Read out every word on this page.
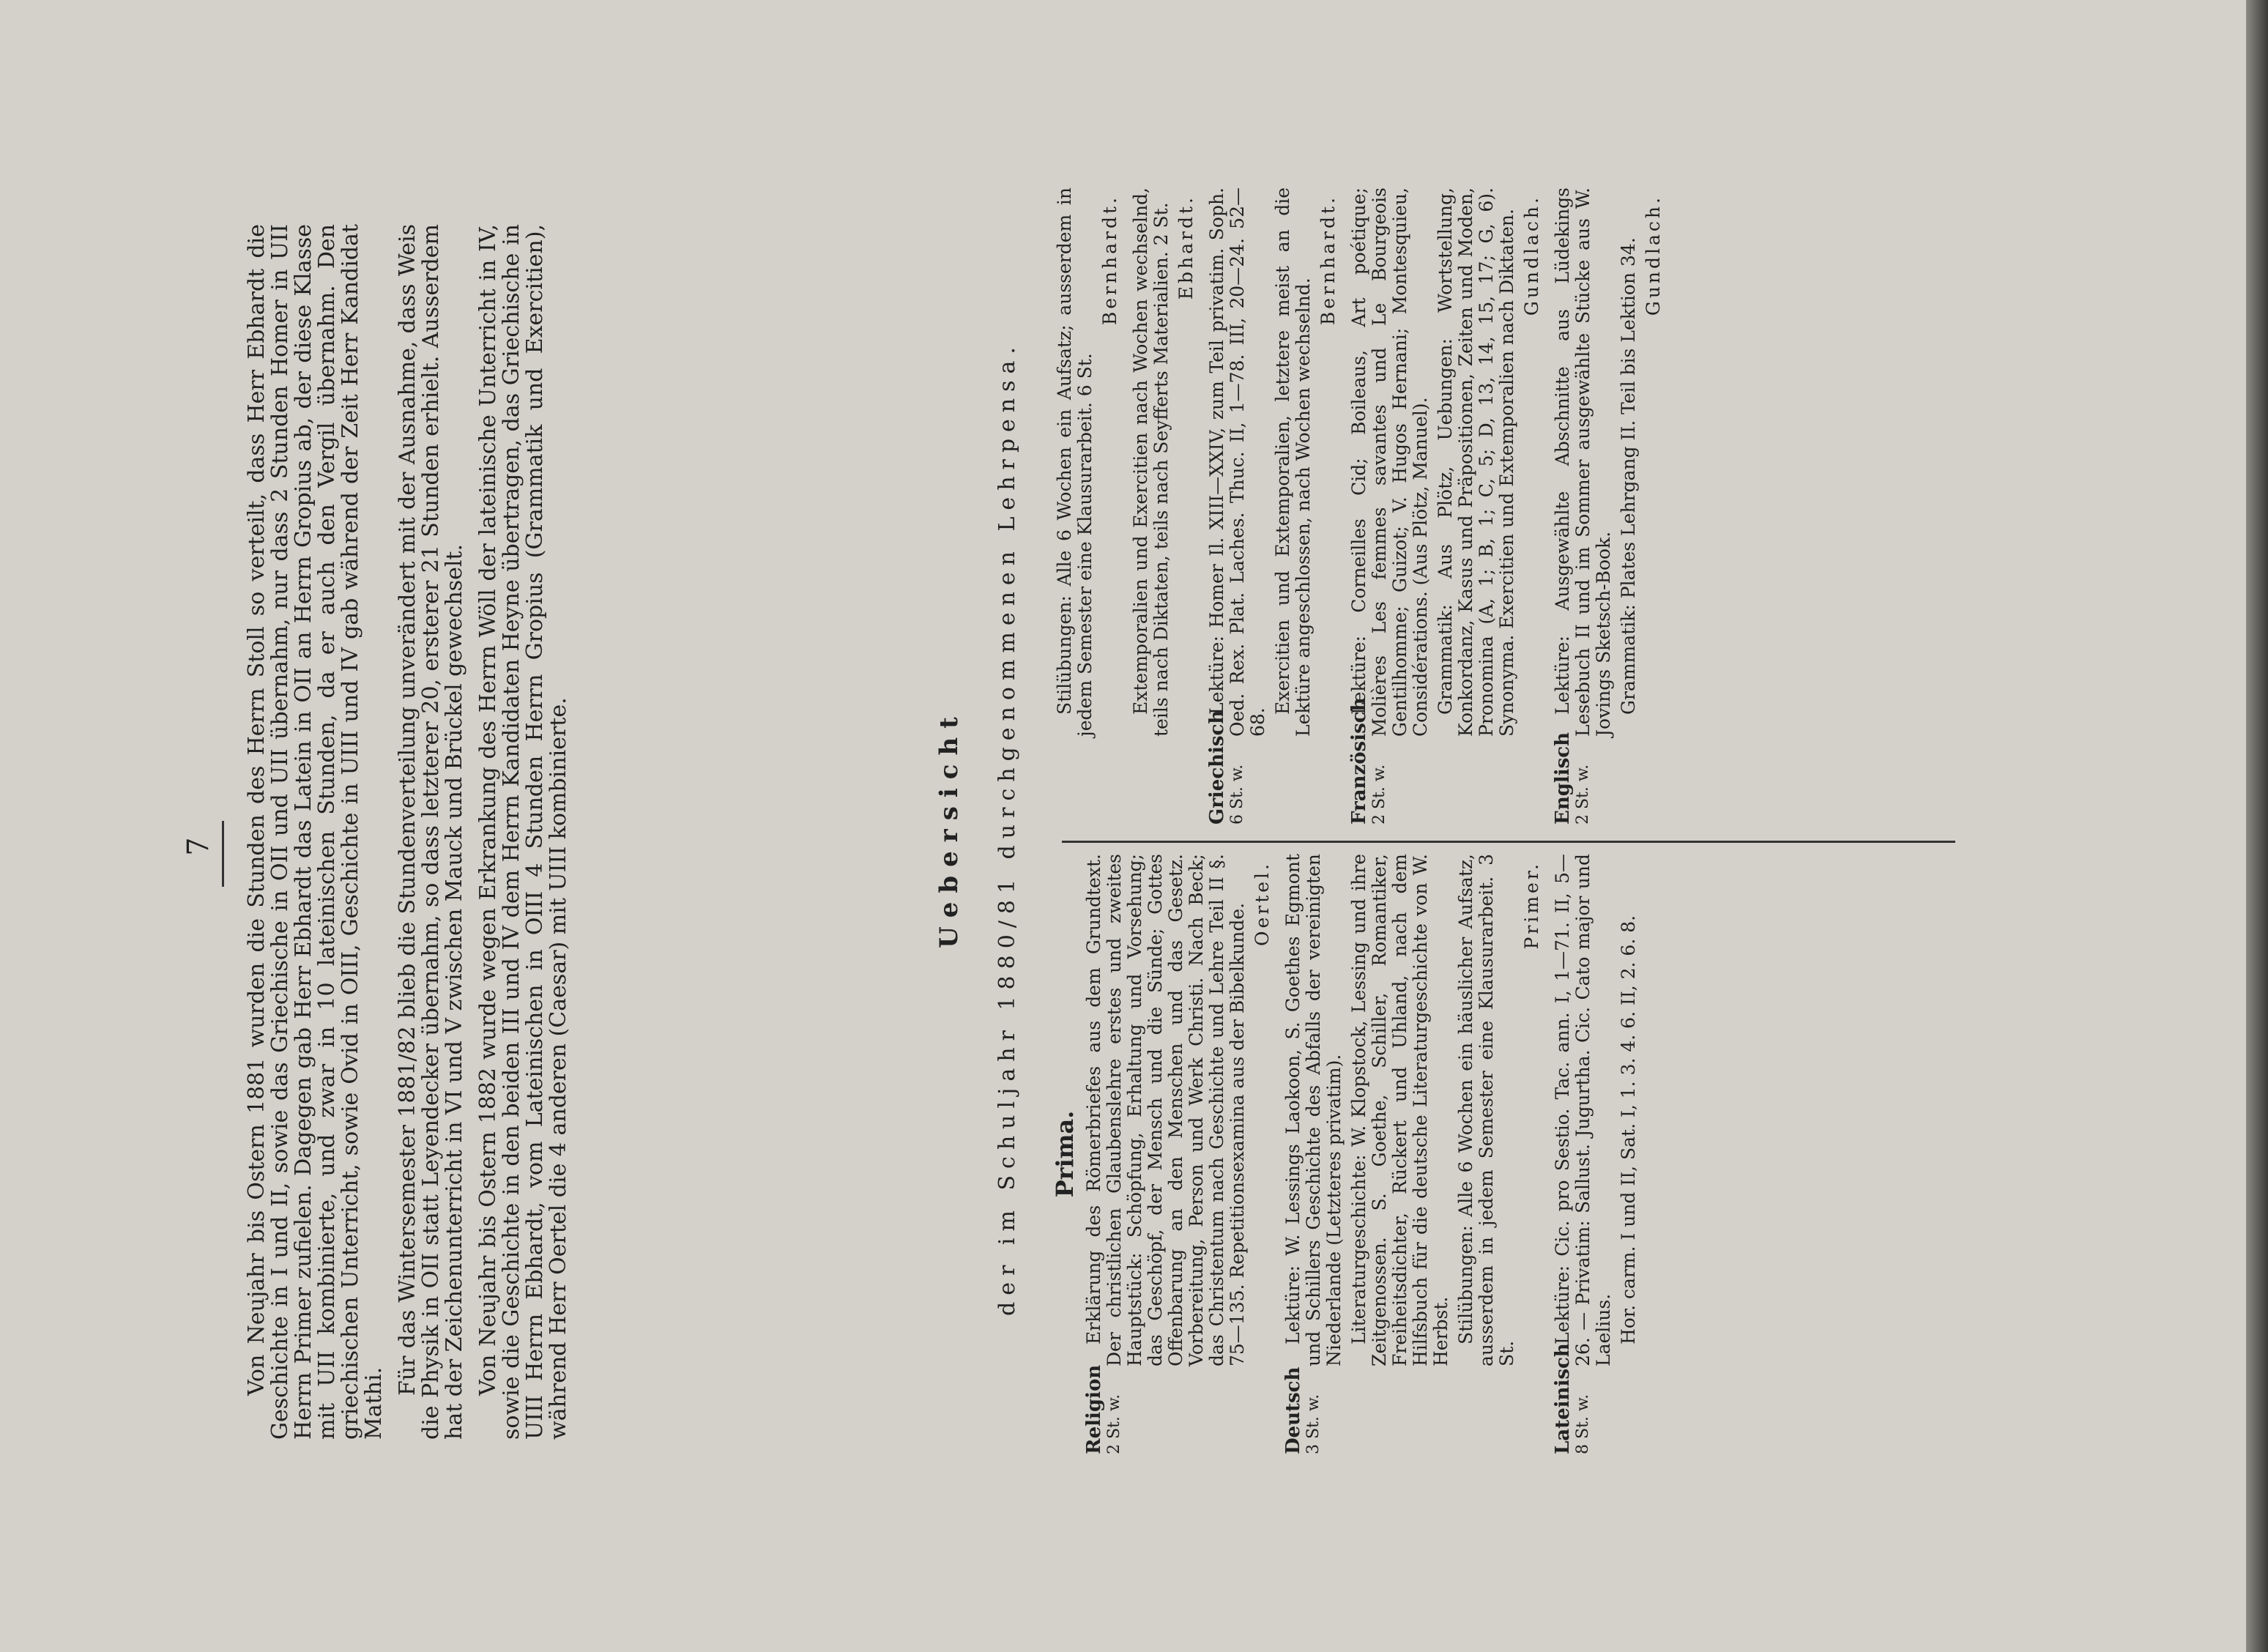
7 Von Neujahr bis Ostern 1881 wurden die Stunden des Herrn Stoll so verteilt, dass Herr Ebhardt die Geschichte in I und II, sowie das Griechische in OII und UII übernahm, nur dass 2 Stunden Homer in UII Herrn Primer zufielen. Dagegen gab Herr Ebhardt das Latein in OII an Herrn Gropius ab, der diese Klasse mit UII kombinierte, und zwar in 10 lateinischen Stunden, da er auch den Vergil übernahm. Den griechischen Unterricht, sowie Ovid in OIII, Geschichte in UIII und IV gab während der Zeit Herr Kandidat Mathi.

Für das Wintersemester 1881/82 blieb die Stundenverteilung unverändert mit der Ausnahme, dass Weis die Physik in OII statt Leyendecker übernahm, so dass letzterer 20, ersterer 21 Stunden erhielt. Ausserdem hat der Zeichenunterricht in VI und V zwischen Mauck und Brückel gewechselt. Von Neujahr bis Ostern 1882 wurde wegen Erkrankung des Herrn Wöll der lateinische Unterricht in IV, sowie die Geschichte in den beiden III und IV dem Herrn Kandidaten Heyne übertragen, das Griechische in UIII Herrn Ebhardt, vom Lateinischen in OIII 4 Stunden Herrn Gropius (Grammatik und Exercitien), während Herr Oertel die 4 anderen (Caesar) mit UIII kombinierte.	Uebersicht der im Schuljahr 1880/81 durchgenommenen Lehrpensa. Prima.
Religion 2 St. w.

Erklärung des Römerbriefes aus dem Grundtext. Der christlichen Glaubenslehre erstes und zweites Hauptstück: Schöpfung, Erhaltung und Vorsehung; das Geschöpf, der Mensch und die Sünde; Gottes Offenbarung an den Menschen und das Gesetz. Vorbereitung, Person und Werk Christi. Nach Beck; das Christentum nach Geschichte und Lehre Teil II §. 75—135. Repetitionsexamina aus der Bibelkunde. Oertel.
Deutsch 3 St. w.

Lektüre: W. Lessings Laokoon, S. Goethes Egmont und Schillers Geschichte des Abfalls der vereinigten Niederlande (Letzteres privatim). Literaturgeschichte: W. Klopstock, Lessing und ihre Zeitgenossen. S. Goethe, Schiller, Romantiker, Freiheitsdichter, Rückert und Uhland, nach dem Hilfsbuch für die deutsche Literaturgeschichte von W. Herbst. Stilübungen: Alle 6 Wochen ein häuslicher Aufsatz, ausserdem in jedem Semester eine Klausurarbeit. 3 St.

Primer.
Lateinisch 8 St. w.

Lektüre: Cic. pro Sestio. Tac. ann. I, 1—71. II, 5—26. — Privatim: Sallust. Jugurtha. Cic. Cato major und Laelius. Hor. carm. I und II, Sat. I, 1. 3. 4. 6. II, 2. 6. 8.

Stilübungen: Alle 6 Wochen ein Aufsatz; ausserdem in jedem Semester eine Klausurarbeit. 6 St.

Bernhardt. Extemporalien und Exercitien nach Wochen wechselnd, teils nach Diktaten, teils nach Seyfferts Materialien. 2 St. Ebhardt.
Griechisch 6 St. w.

Lektüre: Homer Il. XIII—XXIV, zum Teil privatim. Soph. Oed. Rex. Plat. Laches. Thuc. II, 1—78. III, 20—24. 52—68.

Exercitien und Extemporalien, letztere meist an die Lektüre angeschlossen, nach Wochen wechselnd.

Bernhardt.
Französisch 2 St. w.

Lektüre: Corneilles Cid; Boileaus, Art poétique; Molières Les femmes savantes und Le Bourgeois Gentilhomme; Guizot; V. Hugos Hernani; Montesquieu, Considérations. (Aus Plötz, Manuel). Grammatik: Aus Plötz, Uebungen: Wortstellung, Konkordanz, Kasus und Präpositionen, Zeiten und Moden, Pronomina (A, 1; B, 1; C, 5; D, 13, 14, 15, 17; G, 6). Synonyma. Exercitien und Extemporalien nach Diktaten. Gundlach.
Englisch 2 St. w.

Lektüre: Ausgewählte Abschnitte aus Lüdekings Lesebuch II und im Sommer ausgewählte Stücke aus W. Jovings Sketsch-Book. Grammatik: Plates Lehrgang II. Teil bis Lektion 34. Gundlach.
